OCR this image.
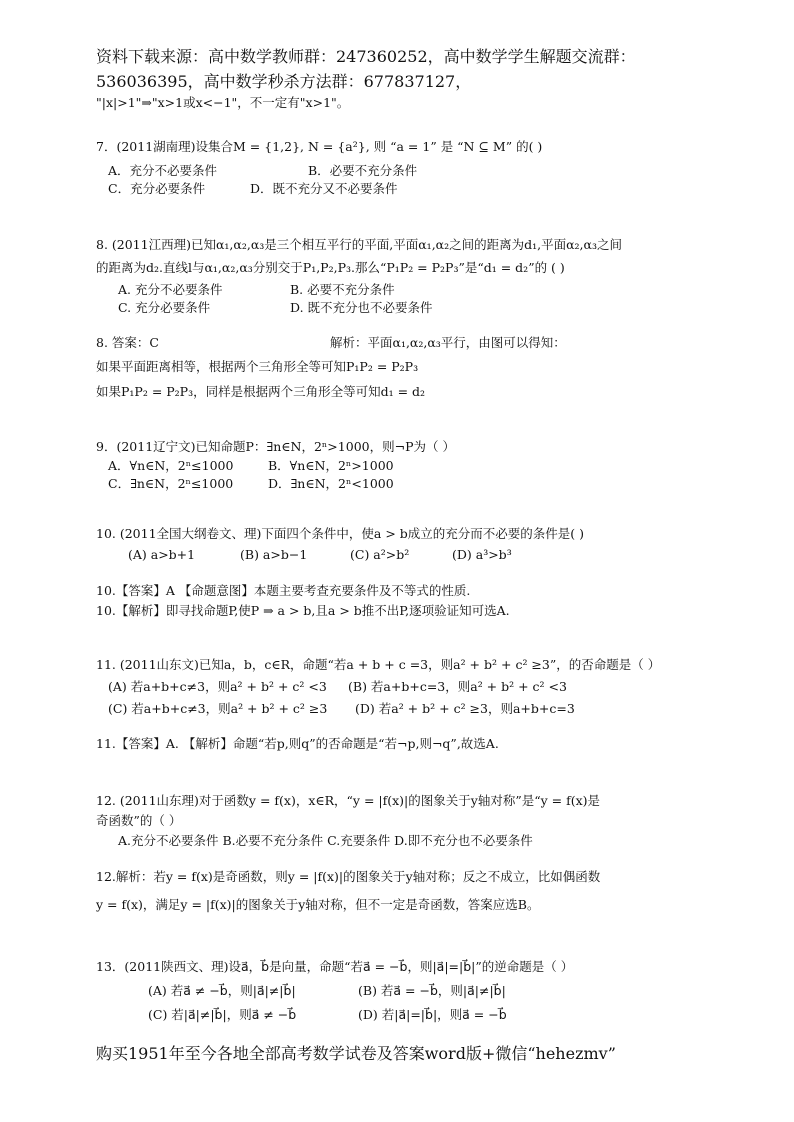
资料下载来源：高中数学教师群：247360252，高中数学学生解题交流群：
536036395，高中数学秒杀方法群：677837127，
"|x|>1"⇒"x>1或x<−1"，不一定有"x>1"。
7．(2011湖南理)设集合M = {1,2}, N = {a²}, 则 “a = 1” 是 “N ⊆ M” 的( )
A．充分不必要条件	B．必要不充分条件
C．充分必要条件	D．既不充分又不必要条件
8. (2011江西理)已知α₁,α₂,α₃是三个相互平行的平面,平面α₁,α₂之间的距离为d₁,平面α₂,α₃之间
的距离为d₂.直线l与α₁,α₂,α₃分别交于P₁,P₂,P₃.那么“P₁P₂ = P₂P₃”是“d₁ = d₂”的 ( )
A. 充分不必要条件	B. 必要不充分条件
C. 充分必要条件	D. 既不充分也不必要条件
8. 答案：C	解析：平面α₁,α₂,α₃平行，由图可以得知：
如果平面距离相等，根据两个三角形全等可知P₁P₂ = P₂P₃
如果P₁P₂ = P₂P₃，同样是根据两个三角形全等可知d₁ = d₂
9．(2011辽宁文)已知命题P：∃n∈N，2ⁿ>1000，则¬P为（ ）
A．∀n∈N，2ⁿ≤1000	B．∀n∈N，2ⁿ>1000
C．∃n∈N，2ⁿ≤1000	D．∃n∈N，2ⁿ<1000
10. (2011全国大纲卷文、理)下面四个条件中，使a > b成立的充分而不必要的条件是( )
(A) a>b+1	(B) a>b−1	(C) a²>b²	(D) a³>b³
10.【答案】A 【命题意图】本题主要考查充要条件及不等式的性质.
10.【解析】即寻找命题P,使P ⇒ a > b,且a > b推不出P,逐项验证知可选A.
11. (2011山东文)已知a，b，c∈R，命题“若a + b + c =3，则a² + b² + c² ≥3”，的否命题是（ ）
(A) 若a+b+c≠3，则a² + b² + c² <3 (B) 若a+b+c=3，则a² + b² + c² <3
(C) 若a+b+c≠3，则a² + b² + c² ≥3 (D) 若a² + b² + c² ≥3，则a+b+c=3
11.【答案】A. 【解析】命题“若p,则q”的否命题是“若¬p,则¬q”,故选A.
12. (2011山东理)对于函数y = f(x)，x∈R，“y = |f(x)|的图象关于y轴对称”是“y = f(x)是
奇函数”的（ ）
A.充分不必要条件 B.必要不充分条件 C.充要条件 D.即不充分也不必要条件
12.解析：若y = f(x)是奇函数，则y = |f(x)|的图象关于y轴对称；反之不成立，比如偶函数
y = f(x)，满足y = |f(x)|的图象关于y轴对称，但不一定是奇函数，答案应选B。
13．(2011陕西文、理)设a⃗，b⃗是向量，命题“若a⃗ = −b⃗，则|a⃗|=|b⃗|”的逆命题是（ ）
(A) 若a⃗ ≠ −b⃗，则|a⃗|≠|b⃗|	(B) 若a⃗ = −b⃗，则|a⃗|≠|b⃗|
(C) 若|a⃗|≠|b⃗|，则a⃗ ≠ −b⃗	(D) 若|a⃗|=|b⃗|，则a⃗ = −b⃗
购买1951年至今各地全部高考数学试卷及答案word版+微信“hehezmv”
